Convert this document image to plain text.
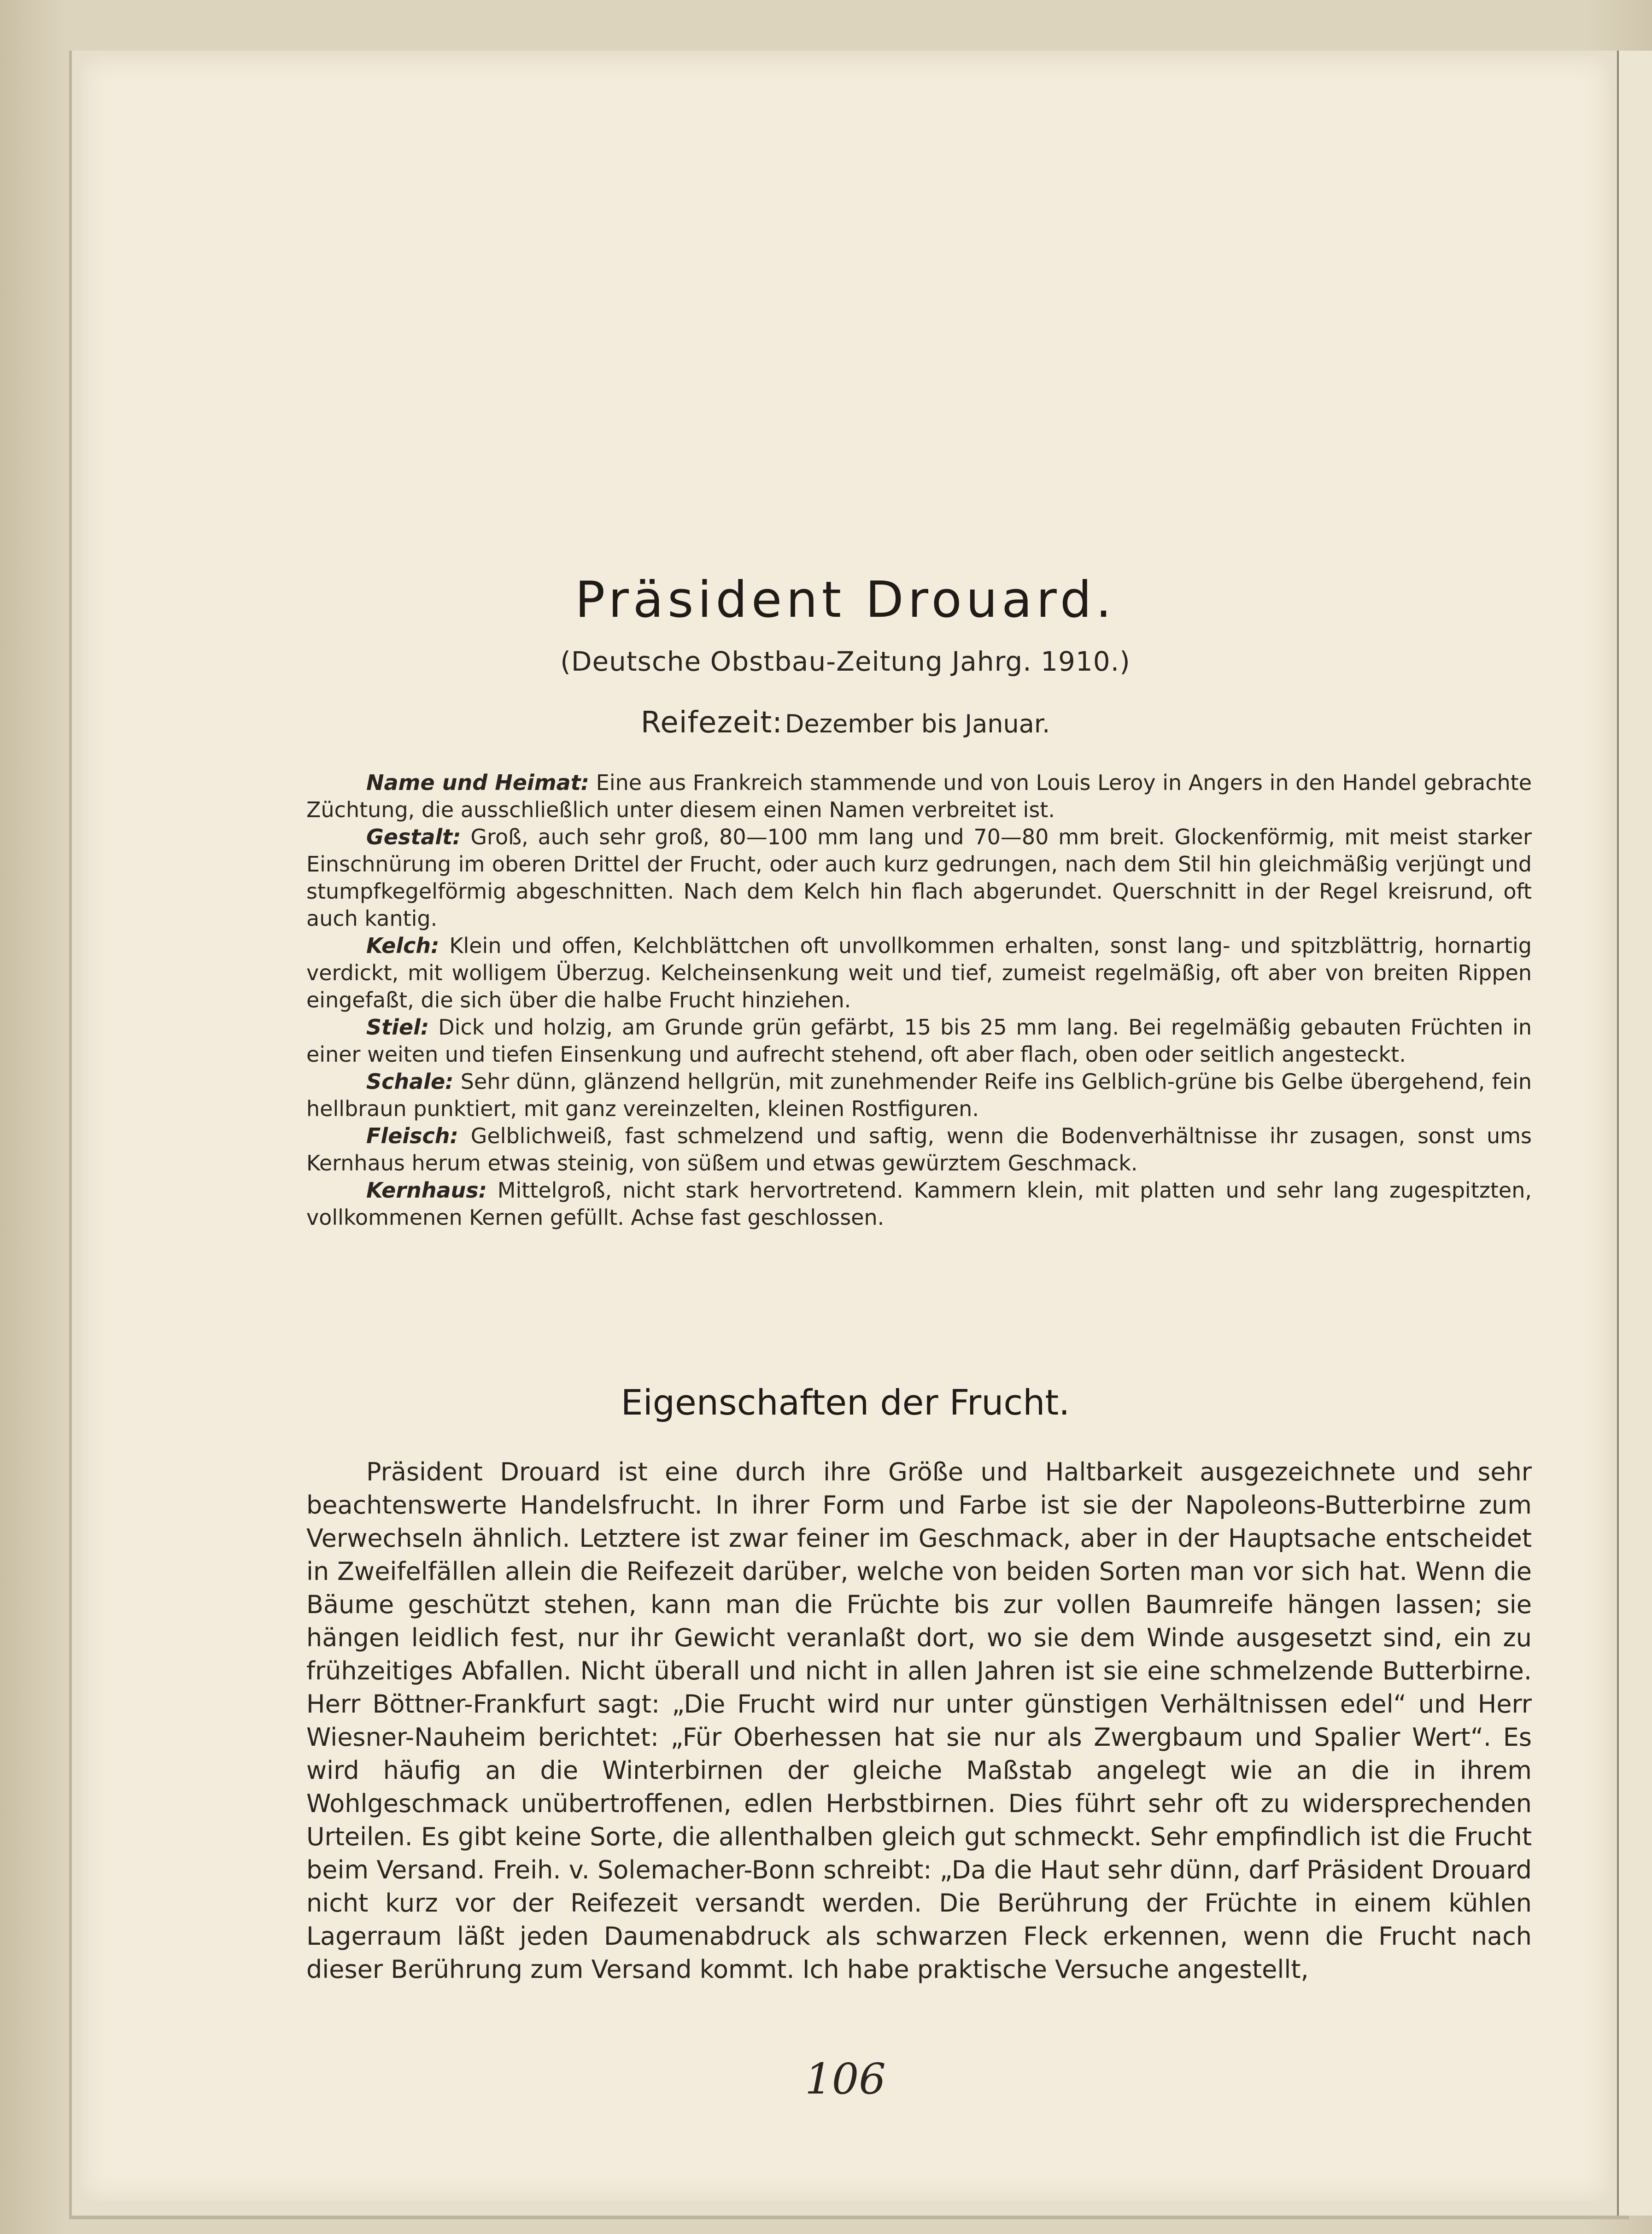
Präsident Drouard.
(Deutsche Obstbau-Zeitung Jahrg. 1910.)
Reifezeit: Dezember bis Januar.

Name und Heimat: Eine aus Frankreich stammende und von Louis Leroy in Angers in den Handel gebrachte Züchtung, die ausschließlich unter diesem einen Namen verbreitet ist.

Gestalt: Groß, auch sehr groß, 80—100 mm lang und 70—80 mm breit. Glockenförmig, mit meist starker Einschnürung im oberen Drittel der Frucht, oder auch kurz gedrungen, nach dem Stil hin gleichmäßig verjüngt und stumpfkegelförmig abgeschnitten. Nach dem Kelch hin flach abgerundet. Querschnitt in der Regel kreisrund, oft auch kantig.

Kelch: Klein und offen, Kelchblättchen oft unvollkommen erhalten, sonst lang- und spitzblättrig, hornartig verdickt, mit wolligem Überzug. Kelcheinsenkung weit und tief, zumeist regelmäßig, oft aber von breiten Rippen eingefaßt, die sich über die halbe Frucht hinziehen.

Stiel: Dick und holzig, am Grunde grün gefärbt, 15 bis 25 mm lang. Bei regelmäßig gebauten Früchten in einer weiten und tiefen Einsenkung und aufrecht stehend, oft aber flach, oben oder seitlich angesteckt.

Schale: Sehr dünn, glänzend hellgrün, mit zunehmender Reife ins Gelblich-grüne bis Gelbe übergehend, fein hellbraun punktiert, mit ganz vereinzelten, kleinen Rostfiguren.

Fleisch: Gelblichweiß, fast schmelzend und saftig, wenn die Bodenverhältnisse ihr zusagen, sonst ums Kernhaus herum etwas steinig, von süßem und etwas gewürztem Geschmack.

Kernhaus: Mittelgroß, nicht stark hervortretend. Kammern klein, mit platten und sehr lang zugespitzten, vollkommenen Kernen gefüllt. Achse fast geschlossen.

Eigenschaften der Frucht.

Präsident Drouard ist eine durch ihre Größe und Haltbarkeit ausgezeichnete und sehr beachtenswerte Handelsfrucht. In ihrer Form und Farbe ist sie der Napoleons-Butterbirne zum Verwechseln ähnlich. Letztere ist zwar feiner im Geschmack, aber in der Hauptsache entscheidet in Zweifelfällen allein die Reifezeit darüber, welche von beiden Sorten man vor sich hat. Wenn die Bäume geschützt stehen, kann man die Früchte bis zur vollen Baumreife hängen lassen; sie hängen leidlich fest, nur ihr Gewicht veranlaßt dort, wo sie dem Winde ausgesetzt sind, ein zu frühzeitiges Abfallen. Nicht überall und nicht in allen Jahren ist sie eine schmelzende Butterbirne. Herr Böttner-Frankfurt sagt: „Die Frucht wird nur unter günstigen Verhältnissen edel“ und Herr Wiesner-Nauheim berichtet: „Für Oberhessen hat sie nur als Zwergbaum und Spalier Wert“. Es wird häufig an die Winterbirnen der gleiche Maßstab angelegt wie an die in ihrem Wohlgeschmack unübertroffenen, edlen Herbstbirnen. Dies führt sehr oft zu widersprechenden Urteilen. Es gibt keine Sorte, die allenthalben gleich gut schmeckt. Sehr empfindlich ist die Frucht beim Versand. Freih. v. Solemacher-Bonn schreibt: „Da die Haut sehr dünn, darf Präsident Drouard nicht kurz vor der Reifezeit versandt werden. Die Berührung der Früchte in einem kühlen Lagerraum läßt jeden Daumenabdruck als schwarzen Fleck erkennen, wenn die Frucht nach dieser Berührung zum Versand kommt. Ich habe praktische Versuche angestellt,

106
